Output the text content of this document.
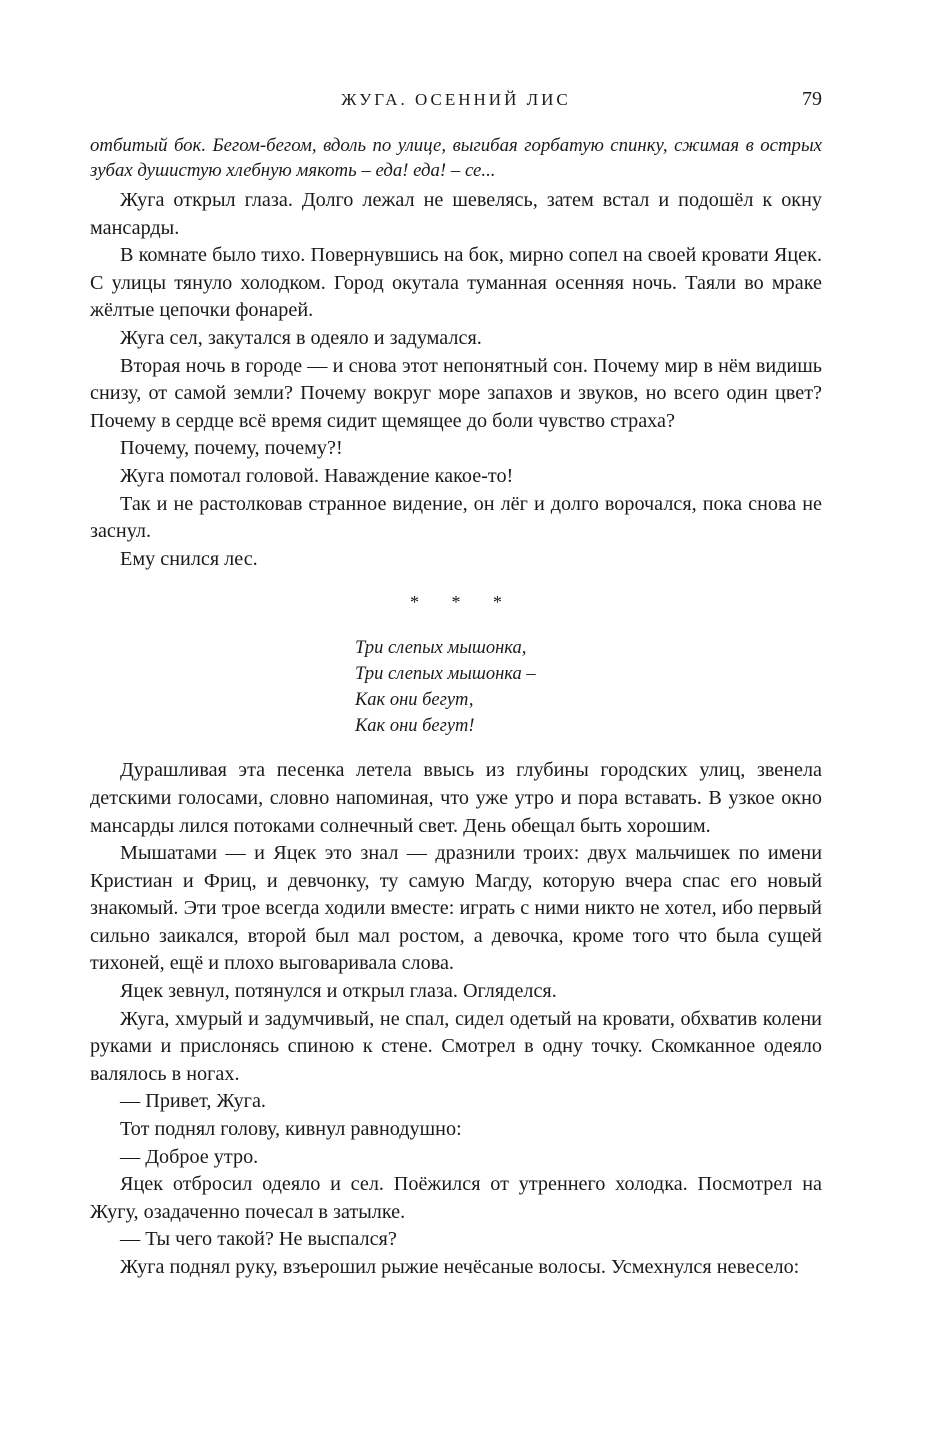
ЖУГА. ОСЕННИЙ ЛИС	79

отбитый бок. Бегом-бегом, вдоль по улице, выгибая горбатую спинку, сжимая в острых зубах душистую хлебную мякоть – еда! еда! – се...

Жуга открыл глаза. Долго лежал не шевелясь, затем встал и подошёл к окну мансарды.

В комнате было тихо. Повернувшись на бок, мирно сопел на своей кровати Яцек. С улицы тянуло холодком. Город окутала туманная осенняя ночь. Таяли во мраке жёлтые цепочки фонарей.

Жуга сел, закутался в одеяло и задумался.

Вторая ночь в городе — и снова этот непонятный сон. Почему мир в нём видишь снизу, от самой земли? Почему вокруг море запахов и звуков, но всего один цвет? Почему в сердце всё время сидит щемящее до боли чувство страха?

Почему, почему, почему?!

Жуга помотал головой. Наваждение какое-то!

Так и не растолковав странное видение, он лёг и долго ворочался, пока снова не заснул.

Ему снился лес.

* * *
Три слепых мышонка,
Три слепых мышонка –
Как они бегут,
Как они бегут!

Дурашливая эта песенка летела ввысь из глубины городских улиц, звенела детскими голосами, словно напоминая, что уже утро и пора вставать. В узкое окно мансарды лился потоками солнечный свет. День обещал быть хорошим.

Мышатами — и Яцек это знал — дразнили троих: двух мальчишек по имени Кристиан и Фриц, и девчонку, ту самую Магду, которую вчера спас его новый знакомый. Эти трое всегда ходили вместе: играть с ними никто не хотел, ибо первый сильно заикался, второй был мал ростом, а девочка, кроме того что была сущей тихоней, ещё и плохо выговаривала слова.

Яцек зевнул, потянулся и открыл глаза. Огляделся.

Жуга, хмурый и задумчивый, не спал, сидел одетый на кровати, обхватив колени руками и прислонясь спиною к стене. Смотрел в одну точку. Скомканное одеяло валялось в ногах.

— Привет, Жуга.

Тот поднял голову, кивнул равнодушно:

— Доброе утро.

Яцек отбросил одеяло и сел. Поёжился от утреннего холодка. Посмотрел на Жугу, озадаченно почесал в затылке.

— Ты чего такой? Не выспался?

Жуга поднял руку, взъерошил рыжие нечёсаные волосы. Усмехнулся невесело:
